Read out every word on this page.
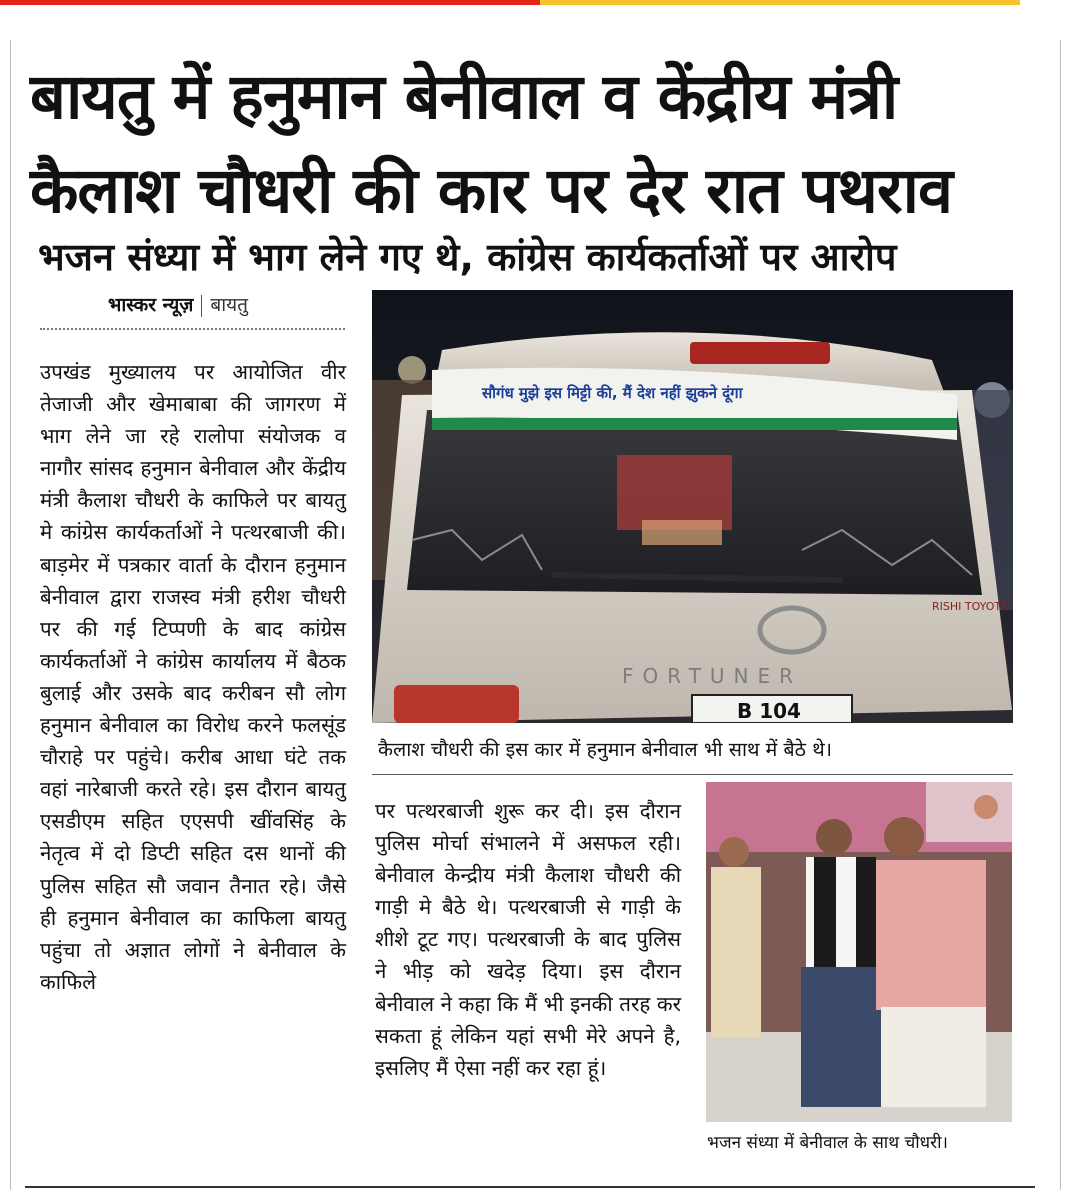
बायतु में हनुमान बेनीवाल व केंद्रीय मंत्री
कैलाश चौधरी की कार पर देर रात पथराव
भजन संध्या में भाग लेने गए थे, कांग्रेस कार्यकर्ताओं पर आरोप
भास्कर न्यूज़ बायतु

उपखंड मुख्यालय पर आयोजित वीर तेजाजी और खेमाबाबा की जागरण में भाग लेने जा रहे रालोपा संयोजक व नागौर सांसद हनुमान बेनीवाल और केंद्रीय मंत्री कैलाश चौधरी के काफिले पर बायतु मे कांग्रेस कार्यकर्ताओं ने पत्थरबाजी की। बाड़मेर में पत्रकार वार्ता के दौरान हनुमान बेनीवाल द्वारा राजस्व मंत्री हरीश चौधरी पर की गई टिप्पणी के बाद कांग्रेस कार्यकर्ताओं ने कांग्रेस कार्यालय में बैठक बुलाई और उसके बाद करीबन सौ लोग हनुमान बेनीवाल का विरोध करने फलसूंड चौराहे पर पहुंचे। करीब आधा घंटे तक वहां नारेबाजी करते रहे। इस दौरान बायतु एसडीएम सहित एएसपी खींवसिंह के नेतृत्व में दो डिप्टी सहित दस थानों की पुलिस सहित सौ जवान तैनात रहे। जैसे ही हनुमान बेनीवाल का काफिला बायतु पहुंचा तो अज्ञात लोगों ने बेनीवाल के काफिले

सौगंध मुझे इस मिट्टी की, मैं देश नहीं झुकने दूंगा
RISHI TOYOTA
FORTUNER
B 104
कैलाश चौधरी की इस कार में हनुमान बेनीवाल भी साथ में बैठे थे।

पर पत्थरबाजी शुरू कर दी। इस दौरान पुलिस मोर्चा संभालने में असफल रही। बेनीवाल केन्द्रीय मंत्री कैलाश चौधरी की गाड़ी मे बैठे थे। पत्थरबाजी से गाड़ी के शीशे टूट गए। पत्थरबाजी के बाद पुलिस ने भीड़ को खदेड़ दिया। इस दौरान बेनीवाल ने कहा कि मैं भी इनकी तरह कर सकता हूं लेकिन यहां सभी मेरे अपने है, इसलिए मैं ऐसा नहीं कर रहा हूं।

भजन संध्या में बेनीवाल के साथ चौधरी।
